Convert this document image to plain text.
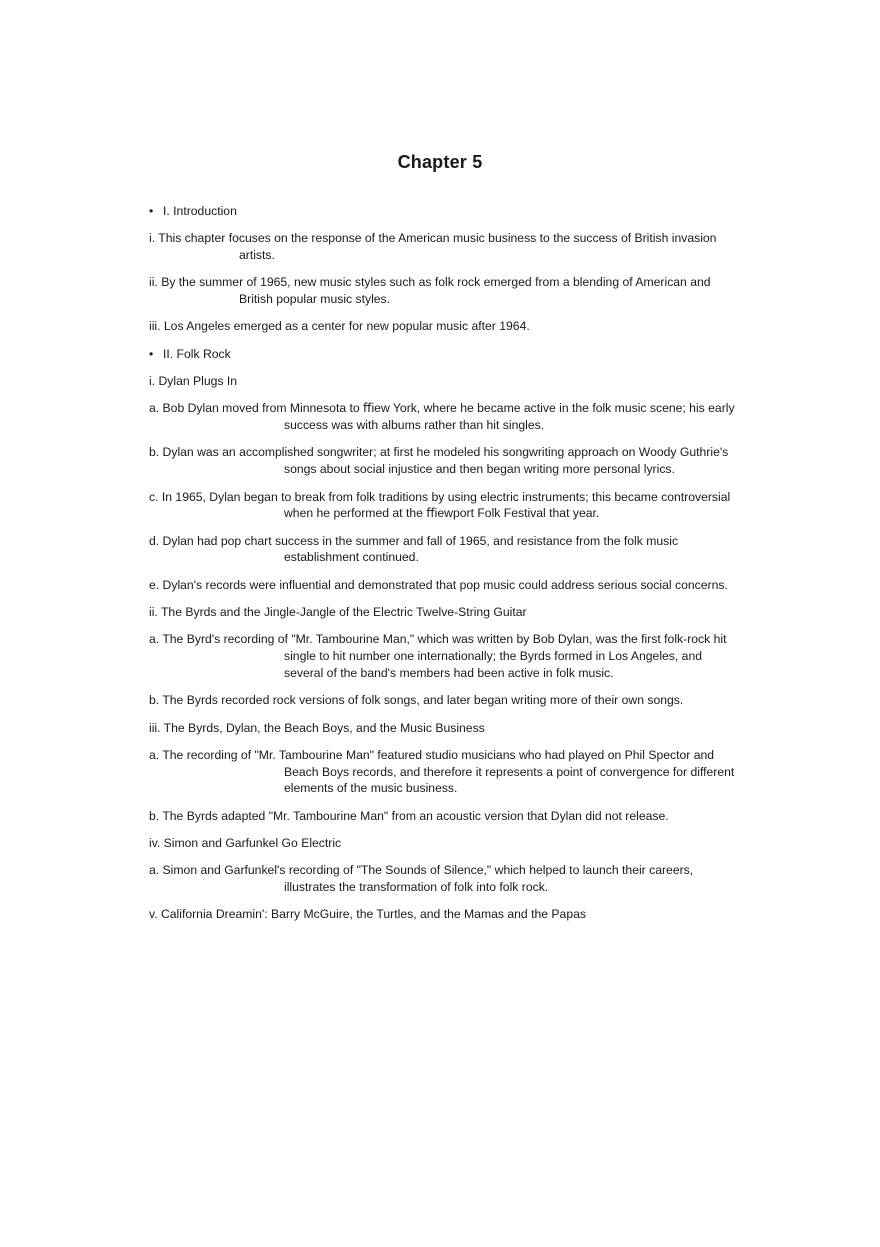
Chapter 5

• I. Introduction

i. This chapter focuses on the response of the American music business to the success of British invasion artists.

ii. By the summer of 1965, new music styles such as folk rock emerged from a blending of American and British popular music styles.

iii. Los Angeles emerged as a center for new popular music after 1964.

• II. Folk Rock

i. Dylan Plugs In

a. Bob Dylan moved from Minnesota to ﬀiew York, where he became active in the folk music scene; his early success was with albums rather than hit singles.

b. Dylan was an accomplished songwriter; at first he modeled his songwriting approach on Woody Guthrie's songs about social injustice and then began writing more personal lyrics.

c. In 1965, Dylan began to break from folk traditions by using electric instruments; this became controversial when he performed at the ﬀiewport Folk Festival that year.

d. Dylan had pop chart success in the summer and fall of 1965, and resistance from the folk music establishment continued.

e. Dylan's records were influential and demonstrated that pop music could address serious social concerns.

ii. The Byrds and the Jingle-Jangle of the Electric Twelve-String Guitar

a. The Byrd's recording of "Mr. Tambourine Man," which was written by Bob Dylan, was the first folk-rock hit single to hit number one internationally; the Byrds formed in Los Angeles, and several of the band's members had been active in folk music.

b. The Byrds recorded rock versions of folk songs, and later began writing more of their own songs.

iii. The Byrds, Dylan, the Beach Boys, and the Music Business

a. The recording of "Mr. Tambourine Man" featured studio musicians who had played on Phil Spector and Beach Boys records, and therefore it represents a point of convergence for different elements of the music business.

b. The Byrds adapted "Mr. Tambourine Man" from an acoustic version that Dylan did not release.

iv. Simon and Garfunkel Go Electric

a. Simon and Garfunkel's recording of "The Sounds of Silence," which helped to launch their careers, illustrates the transformation of folk into folk rock.

v. California Dreamin': Barry McGuire, the Turtles, and the Mamas and the Papas
